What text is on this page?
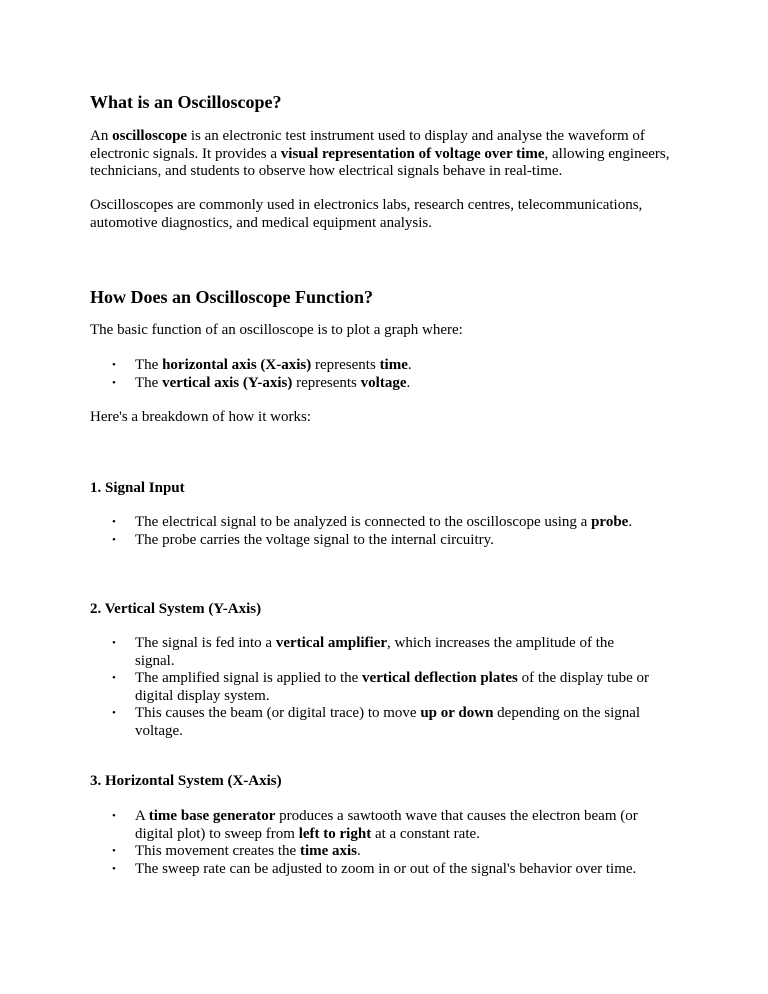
What is an Oscilloscope?

An oscilloscope is an electronic test instrument used to display and analyse the waveform of electronic signals. It provides a visual representation of voltage over time, allowing engineers, technicians, and students to observe how electrical signals behave in real-time.

Oscilloscopes are commonly used in electronics labs, research centres, telecommunications, automotive diagnostics, and medical equipment analysis.

How Does an Oscilloscope Function?

The basic function of an oscilloscope is to plot a graph where:

• The horizontal axis (X-axis) represents time.
• The vertical axis (Y-axis) represents voltage.

Here's a breakdown of how it works:

1. Signal Input
• The electrical signal to be analyzed is connected to the oscilloscope using a probe.
• The probe carries the voltage signal to the internal circuitry.
2. Vertical System (Y-Axis)
• The signal is fed into a vertical amplifier, which increases the amplitude of the signal.
• The amplified signal is applied to the vertical deflection plates of the display tube or digital display system.
• This causes the beam (or digital trace) to move up or down depending on the signal voltage.
3. Horizontal System (X-Axis)
• A time base generator produces a sawtooth wave that causes the electron beam (or digital plot) to sweep from left to right at a constant rate.
• This movement creates the time axis.
• The sweep rate can be adjusted to zoom in or out of the signal's behavior over time.
